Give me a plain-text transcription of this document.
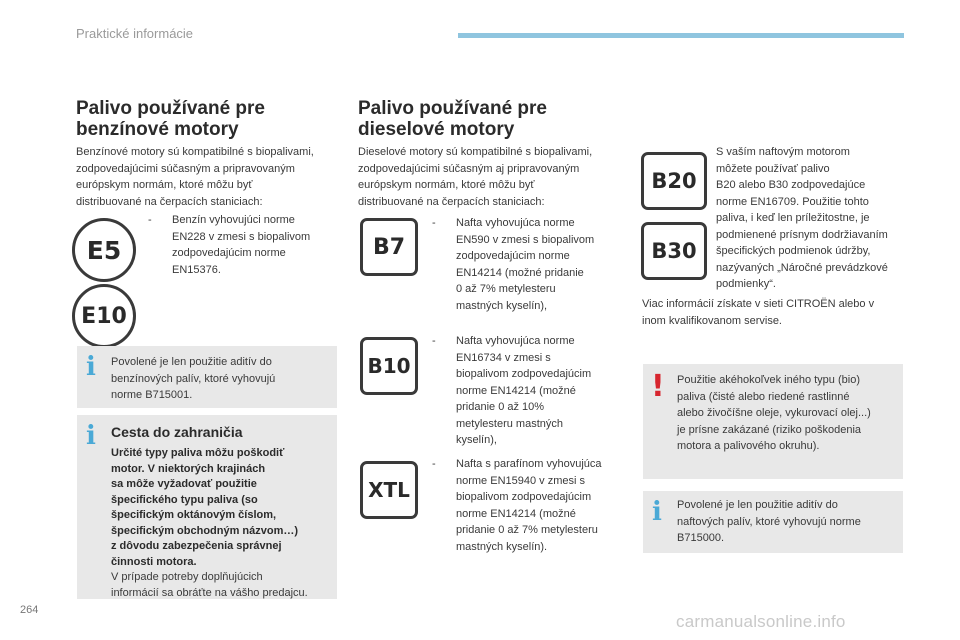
Praktické informácie
Palivo používané pre
benzínové motory
Benzínové motory sú kompatibilné s biopalivami,
zodpovedajúcimi súčasným a pripravovaným
európskym normám, ktoré môžu byť
distribuované na čerpacích staniciach:
E5
E10
- Benzín vyhovujúci norme
EN228 v zmesi s biopalivom
zodpovedajúcim norme
EN15376.
i Povolené je len použitie aditív do
benzínových palív, ktoré vyhovujú
norme B715001.
i Cesta do zahraničia
Určité typy paliva môžu poškodiť
motor. V niektorých krajinách
sa môže vyžadovať použitie
špecifického typu paliva (so
špecifickým oktánovým číslom,
špecifickým obchodným názvom…)
z dôvodu zabezpečenia správnej
činnosti motora.
V prípade potreby doplňujúcich
informácií sa obráťte na vášho predajcu.
Palivo používané pre
dieselové motory
Dieselové motory sú kompatibilné s biopalivami,
zodpovedajúcimi súčasným aj pripravovaným
európskym normám, ktoré môžu byť
distribuované na čerpacích staniciach:
B7
- Nafta vyhovujúca norme
EN590 v zmesi s biopalivom
zodpovedajúcim norme
EN14214 (možné pridanie
0 až 7% metylesteru
mastných kyselín),
B10
- Nafta vyhovujúca norme
EN16734 v zmesi s
biopalivom zodpovedajúcim
norme EN14214 (možné
pridanie 0 až 10%
metylesteru mastných
kyselín),
XTL
- Nafta s parafínom vyhovujúca
norme EN15940 v zmesi s
biopalivom zodpovedajúcim
norme EN14214 (možné
pridanie 0 až 7% metylesteru
mastných kyselín).
B20
B30
S vaším naftovým motorom
môžete používať palivo
B20 alebo B30 zodpovedajúce
norme EN16709. Použitie tohto
paliva, i keď len príležitostne, je
podmienené prísnym dodržiavaním
špecifických podmienok údržby,
nazývaných „Náročné prevádzkové
podmienky“.
Viac informácií získate v sieti CITROËN alebo v
inom kvalifikovanom servise.
! Použitie akéhokoľvek iného typu (bio)
paliva (čisté alebo riedené rastlinné
alebo živočíšne oleje, vykurovací olej...)
je prísne zakázané (riziko poškodenia
motora a palivového okruhu).
i Povolené je len použitie aditív do
naftových palív, ktoré vyhovujú norme
B715000.
264
carmanualsonline.info
